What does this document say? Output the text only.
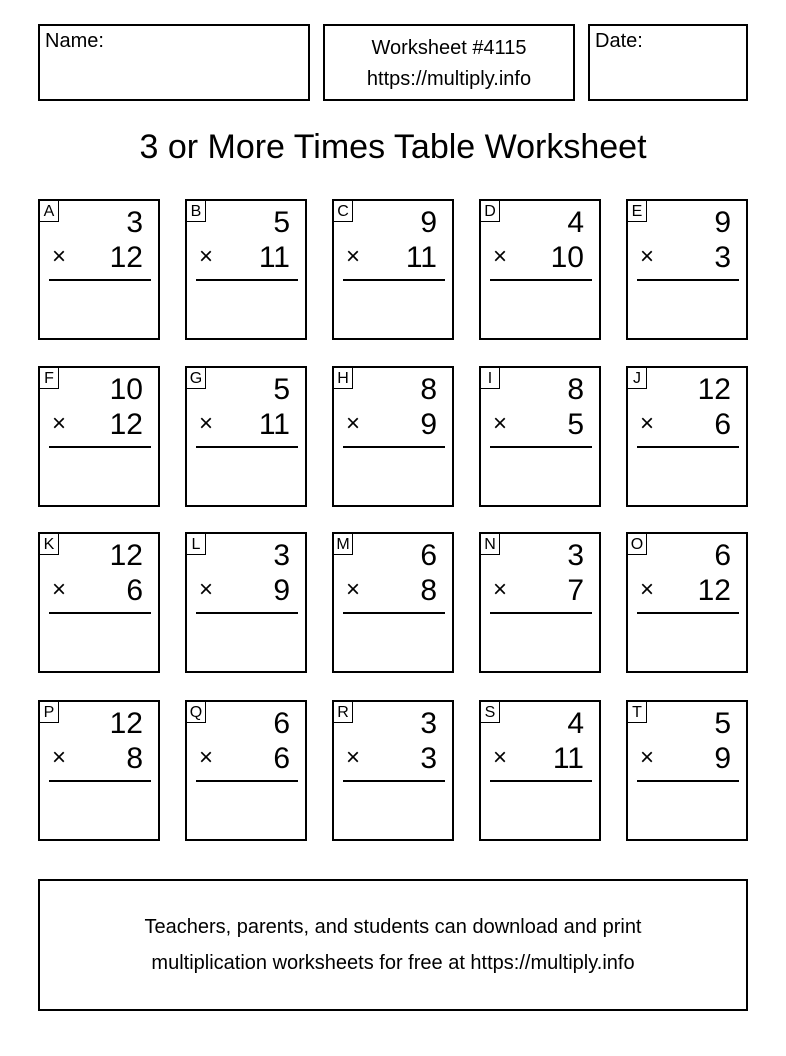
Name:	Worksheet #4115
https://multiply.info
Date:
3 or More Times Table Worksheet
A 3
× 12
B 5
× 11
C 9
× 11
D 4
× 10
E 9
× 3
F 10
× 12
G 5
× 11
H 8
× 9
I	8
× 5
J 12
× 6
K 12
× 6
L 3
× 9
M 6
× 8
N 3
× 7
O 6
× 12
P 12
× 8
Q 6
× 6
R 3
× 3
S 4
× 11
T 5
× 9
Teachers, parents, and students can download and print
multiplication worksheets for free at https://multiply.info
